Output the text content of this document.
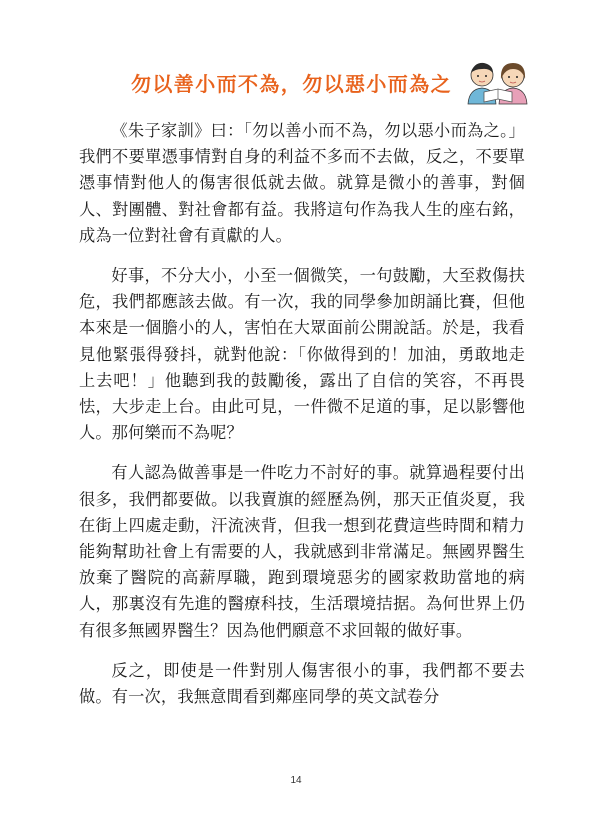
勿以善小而不為，勿以惡小而為之

《朱子家訓》曰：「勿以善小而不為，勿以惡小而為之。」我們不要單憑事情對自身的利益不多而不去做，反之，不要單憑事情對他人的傷害很低就去做。就算是微小的善事，對個人、對團體、對社會都有益。我將這句作為我人生的座右銘，成為一位對社會有貢獻的人。

好事，不分大小，小至一個微笑，一句鼓勵，大至救傷扶危，我們都應該去做。有一次，我的同學參加朗誦比賽，但他本來是一個膽小的人，害怕在大眾面前公開說話。於是，我看見他緊張得發抖，就對他說：「你做得到的！加油，勇敢地走上去吧！」他聽到我的鼓勵後，露出了自信的笑容，不再畏怯，大步走上台。由此可見，一件微不足道的事，足以影響他人。那何樂而不為呢？

有人認為做善事是一件吃力不討好的事。就算過程要付出很多，我們都要做。以我賣旗的經歷為例，那天正值炎夏，我在街上四處走動，汗流浹背，但我一想到花費這些時間和精力能夠幫助社會上有需要的人，我就感到非常滿足。無國界醫生放棄了醫院的高薪厚職，跑到環境惡劣的國家救助當地的病人，那裏沒有先進的醫療科技，生活環境拮据。為何世界上仍有很多無國界醫生？因為他們願意不求回報的做好事。

反之，即使是一件對別人傷害很小的事，我們都不要去做。有一次，我無意間看到鄰座同學的英文試卷分

14
